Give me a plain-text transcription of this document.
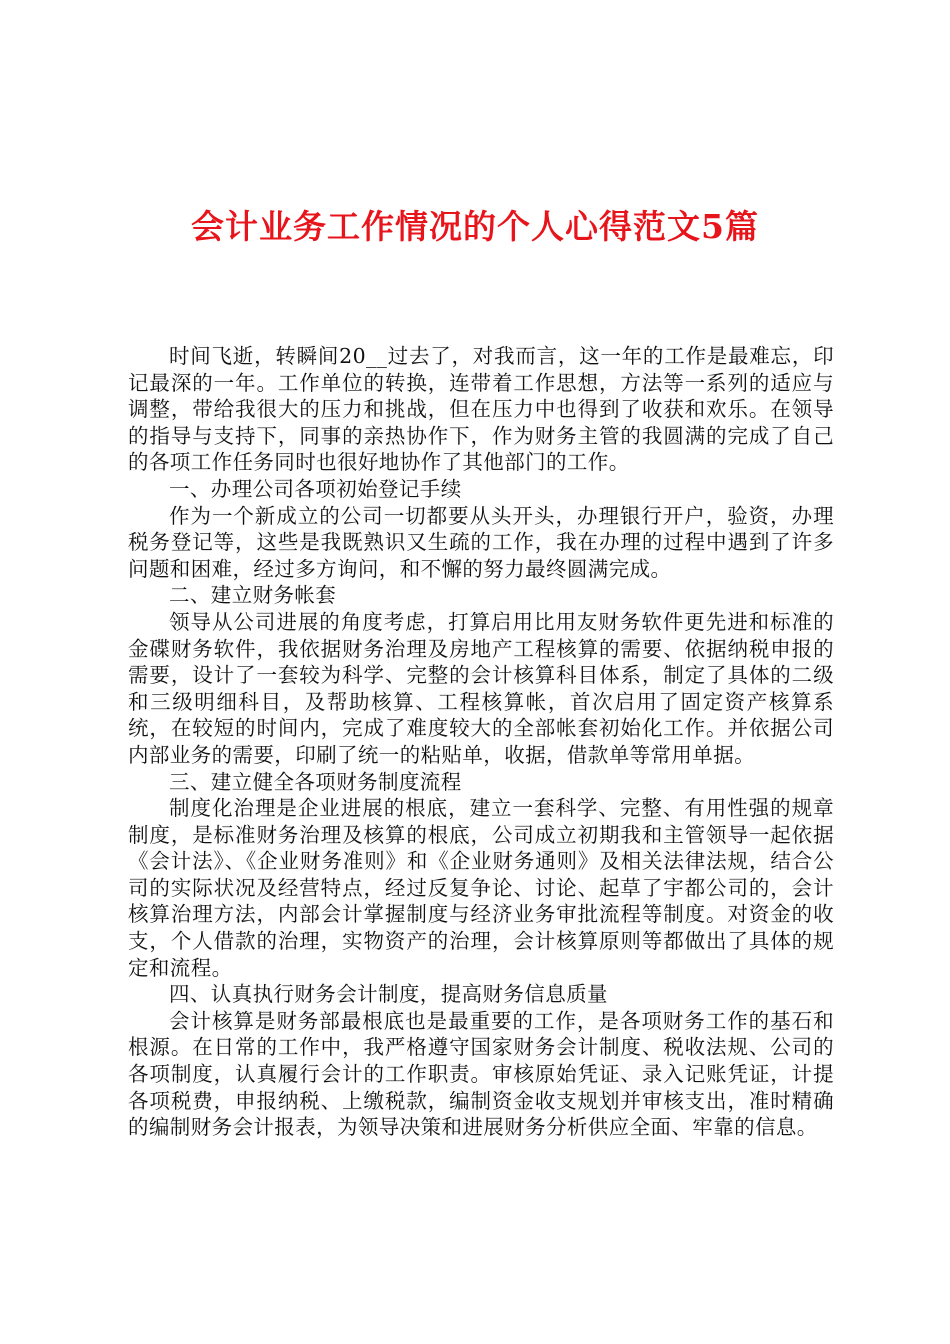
会计业务工作情况的个人心得范文5篇

时间飞逝，转瞬间20__过去了，对我而言，这一年的工作是最难忘，印记最深的一年。工作单位的转换，连带着工作思想，方法等一系列的适应与调整，带给我很大的压力和挑战，但在压力中也得到了收获和欢乐。在领导的指导与支持下，同事的亲热协作下，作为财务主管的我圆满的完成了自己的各项工作任务同时也很好地协作了其他部门的工作。

一、办理公司各项初始登记手续

作为一个新成立的公司一切都要从头开头，办理银行开户，验资，办理税务登记等，这些是我既熟识又生疏的工作，我在办理的过程中遇到了许多问题和困难，经过多方询问，和不懈的努力最终圆满完成。

二、建立财务帐套

领导从公司进展的角度考虑，打算启用比用友财务软件更先进和标准的金碟财务软件，我依据财务治理及房地产工程核算的需要、依据纳税申报的需要，设计了一套较为科学、完整的会计核算科目体系，制定了具体的二级和三级明细科目，及帮助核算、工程核算帐，首次启用了固定资产核算系统，在较短的时间内，完成了难度较大的全部帐套初始化工作。并依据公司内部业务的需要，印刷了统一的粘贴单，收据，借款单等常用单据。

三、建立健全各项财务制度流程

制度化治理是企业进展的根底，建立一套科学、完整、有用性强的规章制度，是标准财务治理及核算的根底，公司成立初期我和主管领导一起依据《会计法》、《企业财务准则》和《企业财务通则》及相关法律法规，结合公司的实际状况及经营特点，经过反复争论、讨论、起草了宇都公司的，会计核算治理方法，内部会计掌握制度与经济业务审批流程等制度。对资金的收支，个人借款的治理，实物资产的治理，会计核算原则等都做出了具体的规定和流程。

四、认真执行财务会计制度，提高财务信息质量

会计核算是财务部最根底也是最重要的工作，是各项财务工作的基石和根源。在日常的工作中，我严格遵守国家财务会计制度、税收法规、公司的各项制度，认真履行会计的工作职责。审核原始凭证、录入记账凭证，计提各项税费，申报纳税、上缴税款，编制资金收支规划并审核支出，准时精确的编制财务会计报表，为领导决策和进展财务分析供应全面、牢靠的信息。
